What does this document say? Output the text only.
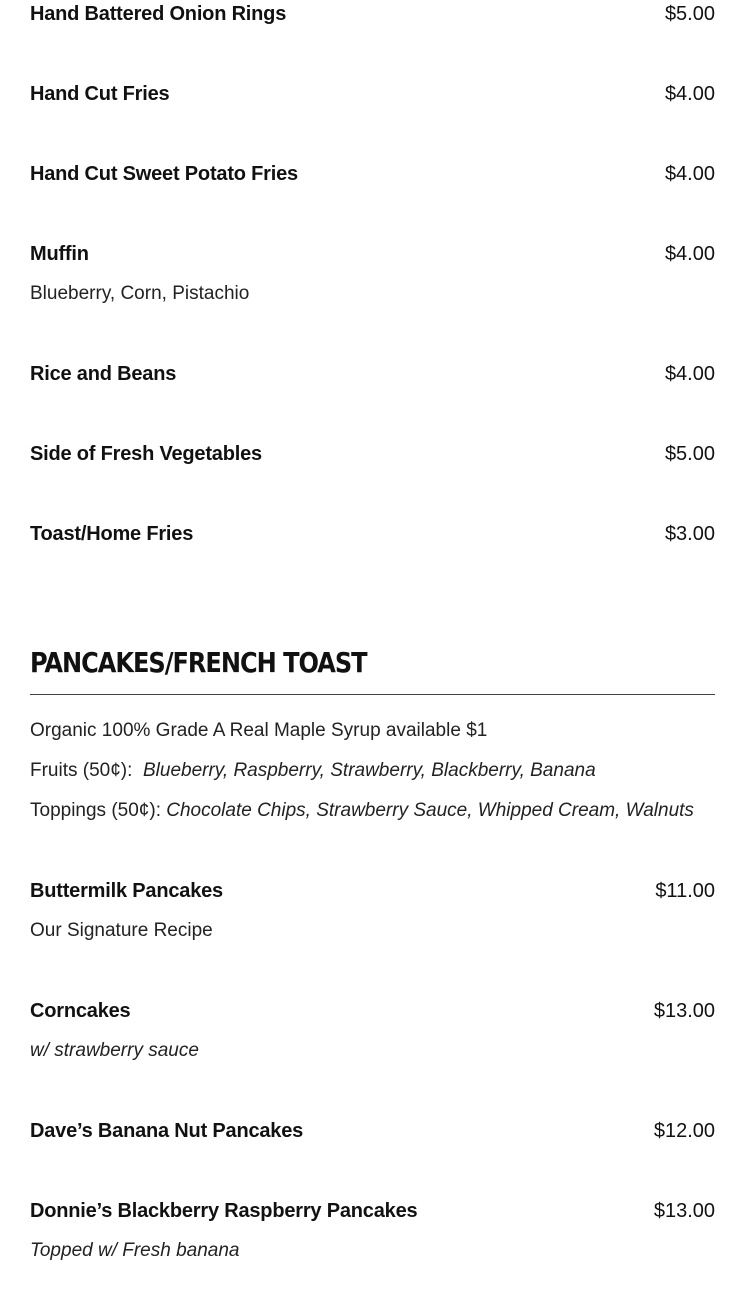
Hand Battered Onion Rings	$5.00
Hand Cut Fries	$4.00
Hand Cut Sweet Potato Fries	$4.00
Muffin	$4.00
Blueberry, Corn, Pistachio
Rice and Beans	$4.00
Side of Fresh Vegetables	$5.00
Toast/Home Fries	$3.00
PANCAKES/FRENCH TOAST
Organic 100% Grade A Real Maple Syrup available $1
Fruits (50¢):  Blueberry, Raspberry, Strawberry, Blackberry, Banana
Toppings (50¢): Chocolate Chips, Strawberry Sauce, Whipped Cream, Walnuts
Buttermilk Pancakes	$11.00
Our Signature Recipe
Corncakes	$13.00
w/ strawberry sauce
Dave’s Banana Nut Pancakes	$12.00
Donnie’s Blackberry Raspberry Pancakes	$13.00
Topped w/ Fresh banana
